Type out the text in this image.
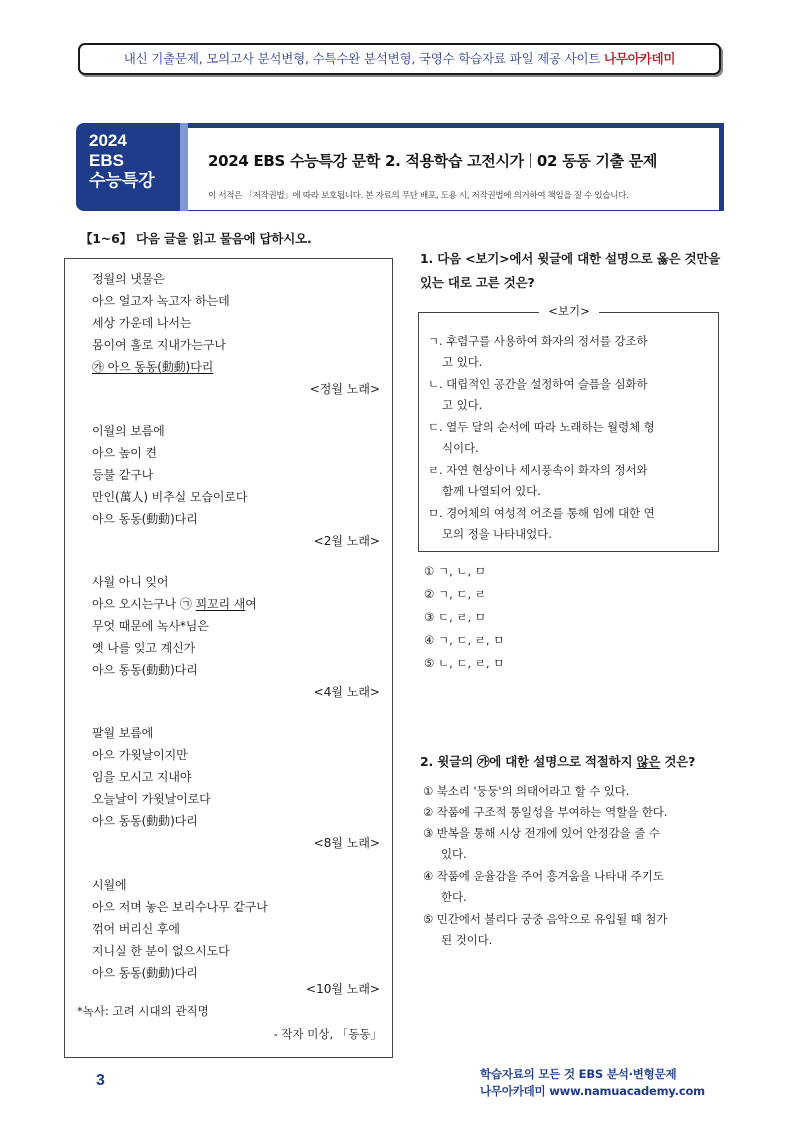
내신 기출문제, 모의고사 분석변형, 수특수완 분석변형, 국영수 학습자료 파일 제공 사이트 나무아카데미
2024
EBS
수능특강
2024 EBS 수능특강 문학 2. 적용학습 고전시가 02 동동 기출 문제
이 서적은 「저작권법」에 따라 보호됩니다. 본 자료의 무단 배포, 도용 시, 저작권법에 의거하여 책임을 질 수 있습니다.
【1~6】 다음 글을 읽고 물음에 답하시오.
정월의 냇물은
아으 얼고자 녹고자 하는데
세상 가운데 나서는
몸이여 홀로 지내가는구나
㉮ 아으 동동(動動)다리
<정월 노래>
이월의 보름에
아으 높이 켠
등불 같구나
만인(萬人) 비추실 모습이로다
아으 동동(動動)다리
<2월 노래>
사월 아니 잊어
아으 오시는구나 ㉠ 꾀꼬리 새여
무엇 때문에 녹사*님은
옛 나를 잊고 계신가
아으 동동(動動)다리
<4월 노래>
팔월 보름에
아으 가윗날이지만
임을 모시고 지내야
오늘날이 가윗날이로다
아으 동동(動動)다리
<8월 노래>
시월에
아으 저며 놓은 보리수나무 같구나
꺾어 버리신 후에
지니실 한 분이 없으시도다
아으 동동(動動)다리
<10월 노래>
*녹사: 고려 시대의 관직명
- 작자 미상, 「동동」
1. 다음 <보기>에서 윗글에 대한 설명으로 옳은 것만을 있는 대로 고른 것은?
<보기>
ㄱ. 후렴구를 사용하여 화자의 정서를 강조하
고 있다.
ㄴ. 대립적인 공간을 설정하여 슬픔을 심화하
고 있다.
ㄷ. 열두 달의 순서에 따라 노래하는 월령체 형
식이다.
ㄹ. 자연 현상이나 세시풍속이 화자의 정서와
함께 나열되어 있다.
ㅁ. 경어체의 여성적 어조를 통해 임에 대한 연
모의 정을 나타내었다.
① ㄱ, ㄴ, ㅁ
② ㄱ, ㄷ, ㄹ
③ ㄷ, ㄹ, ㅁ
④ ㄱ, ㄷ, ㄹ, ㅁ
⑤ ㄴ, ㄷ, ㄹ, ㅁ
2. 윗글의 ㉮에 대한 설명으로 적절하지 않은 것은?
① 북소리 '둥둥'의 의태어라고 할 수 있다.
② 작품에 구조적 통일성을 부여하는 역할을 한다.
③ 반복을 통해 시상 전개에 있어 안정감을 줄 수
있다.
④ 작품에 운율감을 주어 흥겨움을 나타내 주기도
한다.
⑤ 민간에서 불리다 궁중 음악으로 유입될 때 첨가
된 것이다.
3	학습자료의 모든 것 EBS 분석·변형문제
나무아카데미 www.namuacademy.com
